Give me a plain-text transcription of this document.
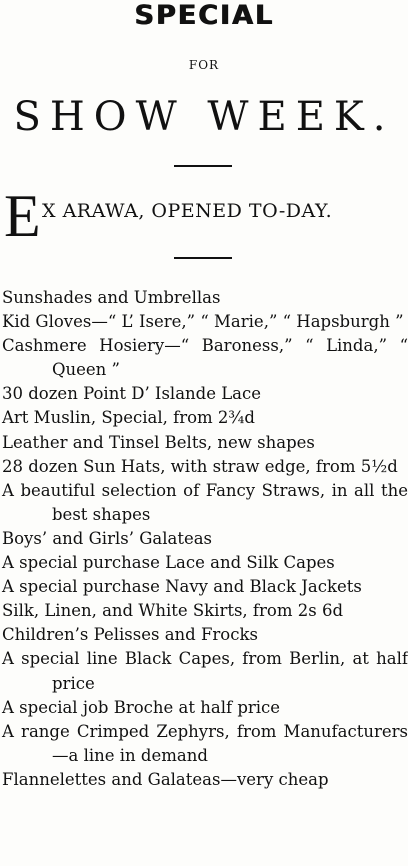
SPECIAL
FOR
SHOW WEEK.
E X ARAWA, OPENED TO-DAY.

Sunshades and Umbrellas

Kid Gloves—“ L’ Isere,” “ Marie,” “ Hapsburgh ”

Cashmere Hosiery—“ Baroness,” “ Linda,” “ Queen ”

30 dozen Point D’ Islande Lace

Art Muslin, Special, from 2¾d

Leather and Tinsel Belts, new shapes

28 dozen Sun Hats, with straw edge, from 5½d

A beautiful selection of Fancy Straws, in all the best shapes

Boys’ and Girls’ Galateas

A special purchase Lace and Silk Capes

A special purchase Navy and Black Jackets

Silk, Linen, and White Skirts, from 2s 6d

Children’s Pelisses and Frocks

A special line Black Capes, from Berlin, at half price

A special job Broche at half price

A range Crimped Zephyrs, from Manufacturers—a line in demand

Flannelettes and Galateas—very cheap
